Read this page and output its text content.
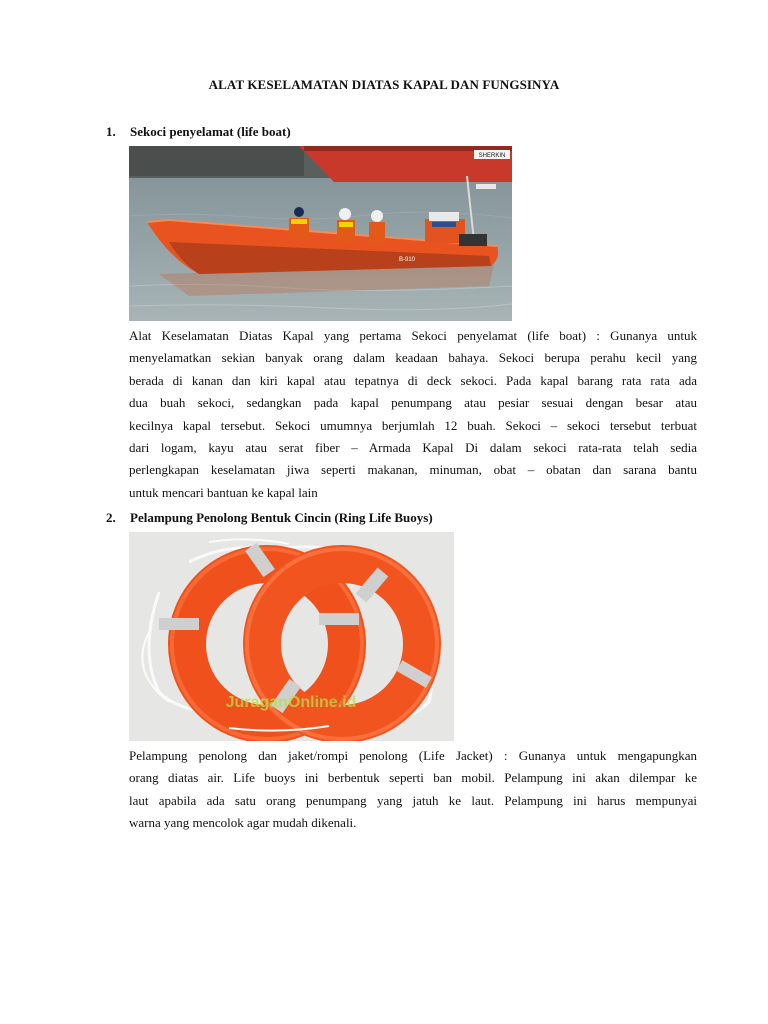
ALAT KESELAMATAN DIATAS KAPAL DAN FUNGSINYA
1. Sekoci penyelamat (life boat)
SHERKIN
B-910
Alat Keselamatan Diatas Kapal yang pertama Sekoci penyelamat (life boat) : Gunanya untuk
menyelamatkan sekian banyak orang dalam keadaan bahaya. Sekoci berupa perahu kecil yang
berada di kanan dan kiri kapal atau tepatnya di deck sekoci. Pada kapal barang rata rata ada
dua buah sekoci, sedangkan pada kapal penumpang atau pesiar sesuai dengan besar atau
kecilnya kapal tersebut. Sekoci umumnya berjumlah 12 buah. Sekoci – sekoci tersebut terbuat
dari logam, kayu atau serat fiber – Armada Kapal Di dalam sekoci rata-rata telah sedia
perlengkapan keselamatan jiwa seperti makanan, minuman, obat – obatan dan sarana bantu
untuk mencari bantuan ke kapal lain
2. Pelampung Penolong Bentuk Cincin (Ring Life Buoys)
JuraganOnline.id
Pelampung penolong dan jaket/rompi penolong (Life Jacket) : Gunanya untuk mengapungkan
orang diatas air. Life buoys ini berbentuk seperti ban mobil. Pelampung ini akan dilempar ke
laut apabila ada satu orang penumpang yang jatuh ke laut. Pelampung ini harus mempunyai
warna yang mencolok agar mudah dikenali.
